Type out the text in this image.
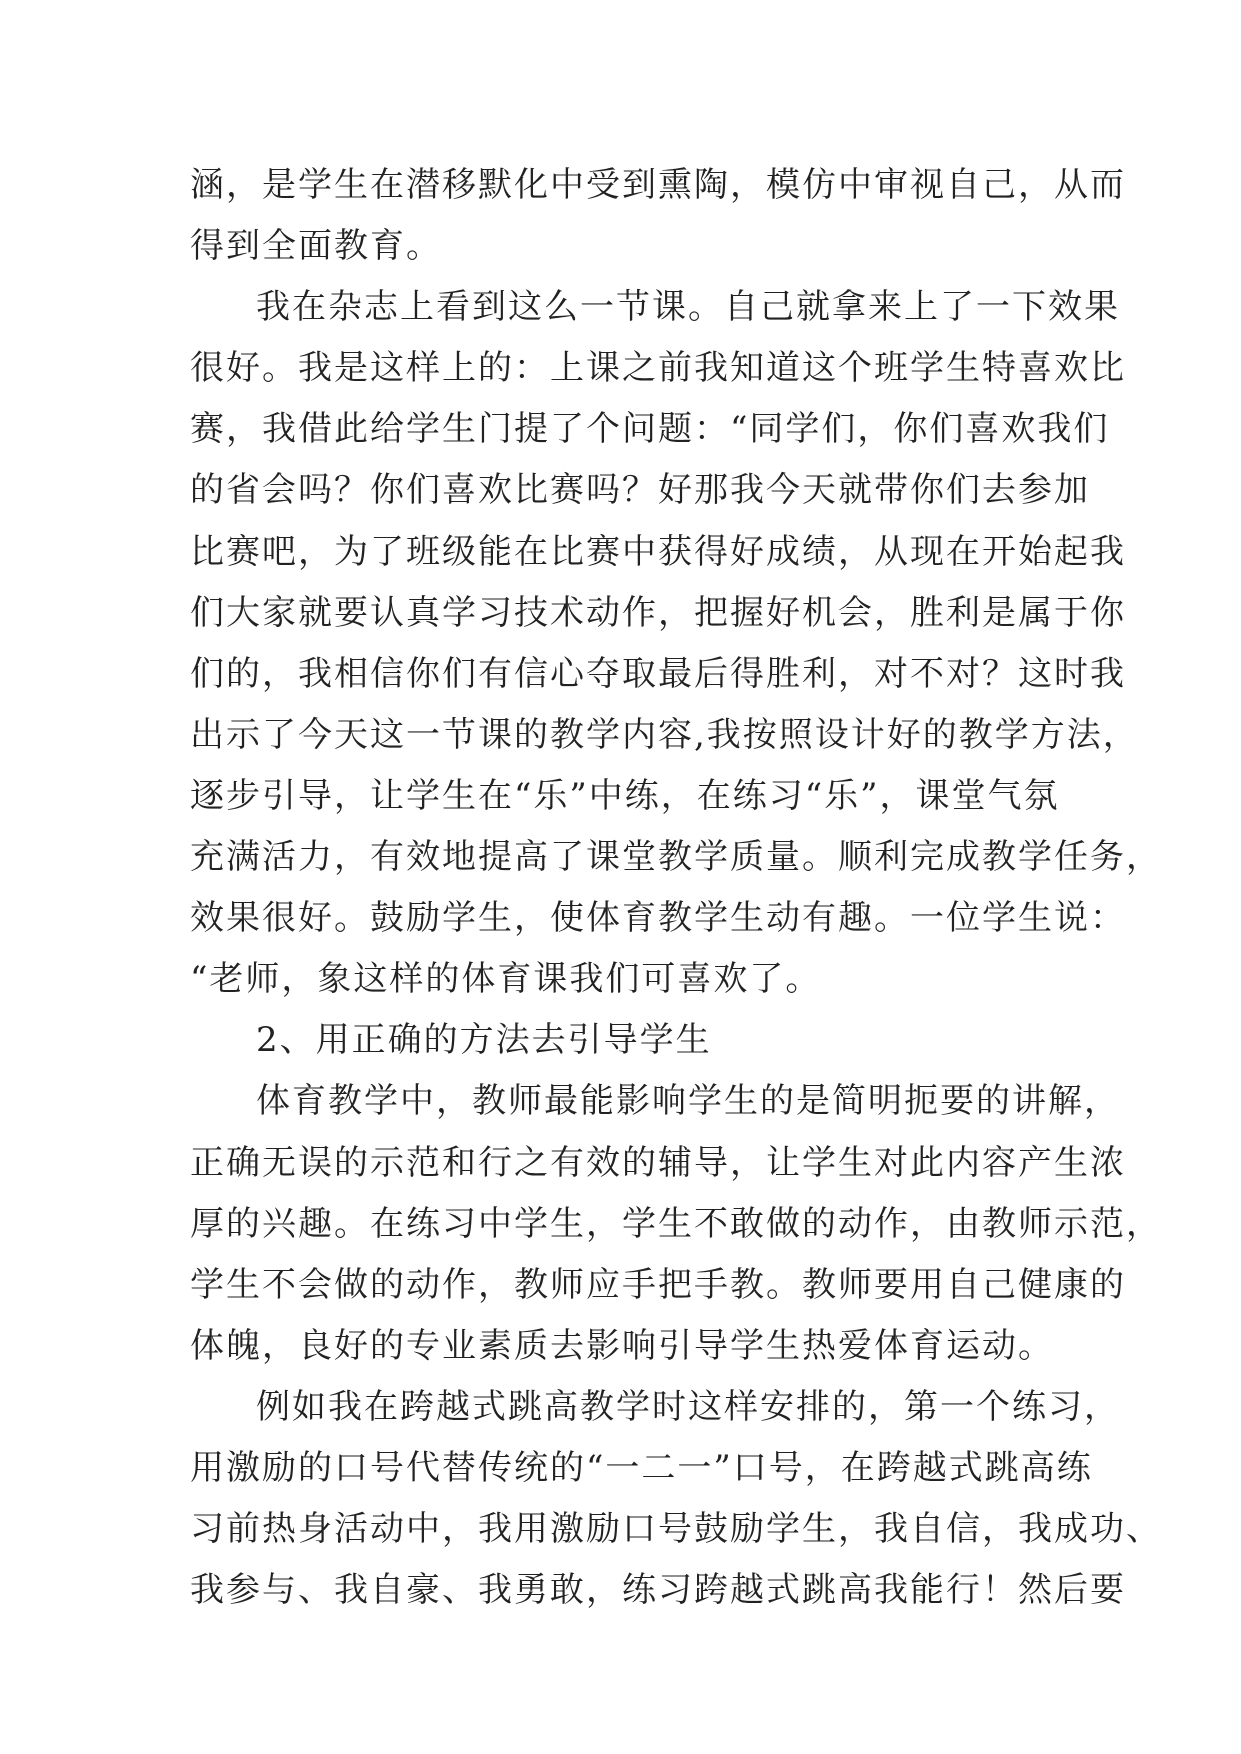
涵，是学生在潜移默化中受到熏陶，模仿中审视自己，从而
得到全面教育。
我在杂志上看到这么一节课。自己就拿来上了一下效果
很好。我是这样上的：上课之前我知道这个班学生特喜欢比
赛，我借此给学生门提了个问题：“同学们，你们喜欢我们
的省会吗？你们喜欢比赛吗？好那我今天就带你们去参加
比赛吧，为了班级能在比赛中获得好成绩，从现在开始起我
们大家就要认真学习技术动作，把握好机会，胜利是属于你
们的，我相信你们有信心夺取最后得胜利，对不对？这时我
出示了今天这一节课的教学内容,我按照设计好的教学方法，
逐步引导，让学生在“乐”中练，在练习“乐”，课堂气氛
充满活力，有效地提高了课堂教学质量。顺利完成教学任务，
效果很好。鼓励学生，使体育教学生动有趣。一位学生说：
“老师，象这样的体育课我们可喜欢了。
2、用正确的方法去引导学生
体育教学中，教师最能影响学生的是简明扼要的讲解，
正确无误的示范和行之有效的辅导，让学生对此内容产生浓
厚的兴趣。在练习中学生，学生不敢做的动作，由教师示范，
学生不会做的动作，教师应手把手教。教师要用自己健康的
体魄，良好的专业素质去影响引导学生热爱体育运动。
例如我在跨越式跳高教学时这样安排的，第一个练习，
用激励的口号代替传统的“一二一”口号，在跨越式跳高练
习前热身活动中，我用激励口号鼓励学生，我自信，我成功、
我参与、我自豪、我勇敢，练习跨越式跳高我能行！然后要
